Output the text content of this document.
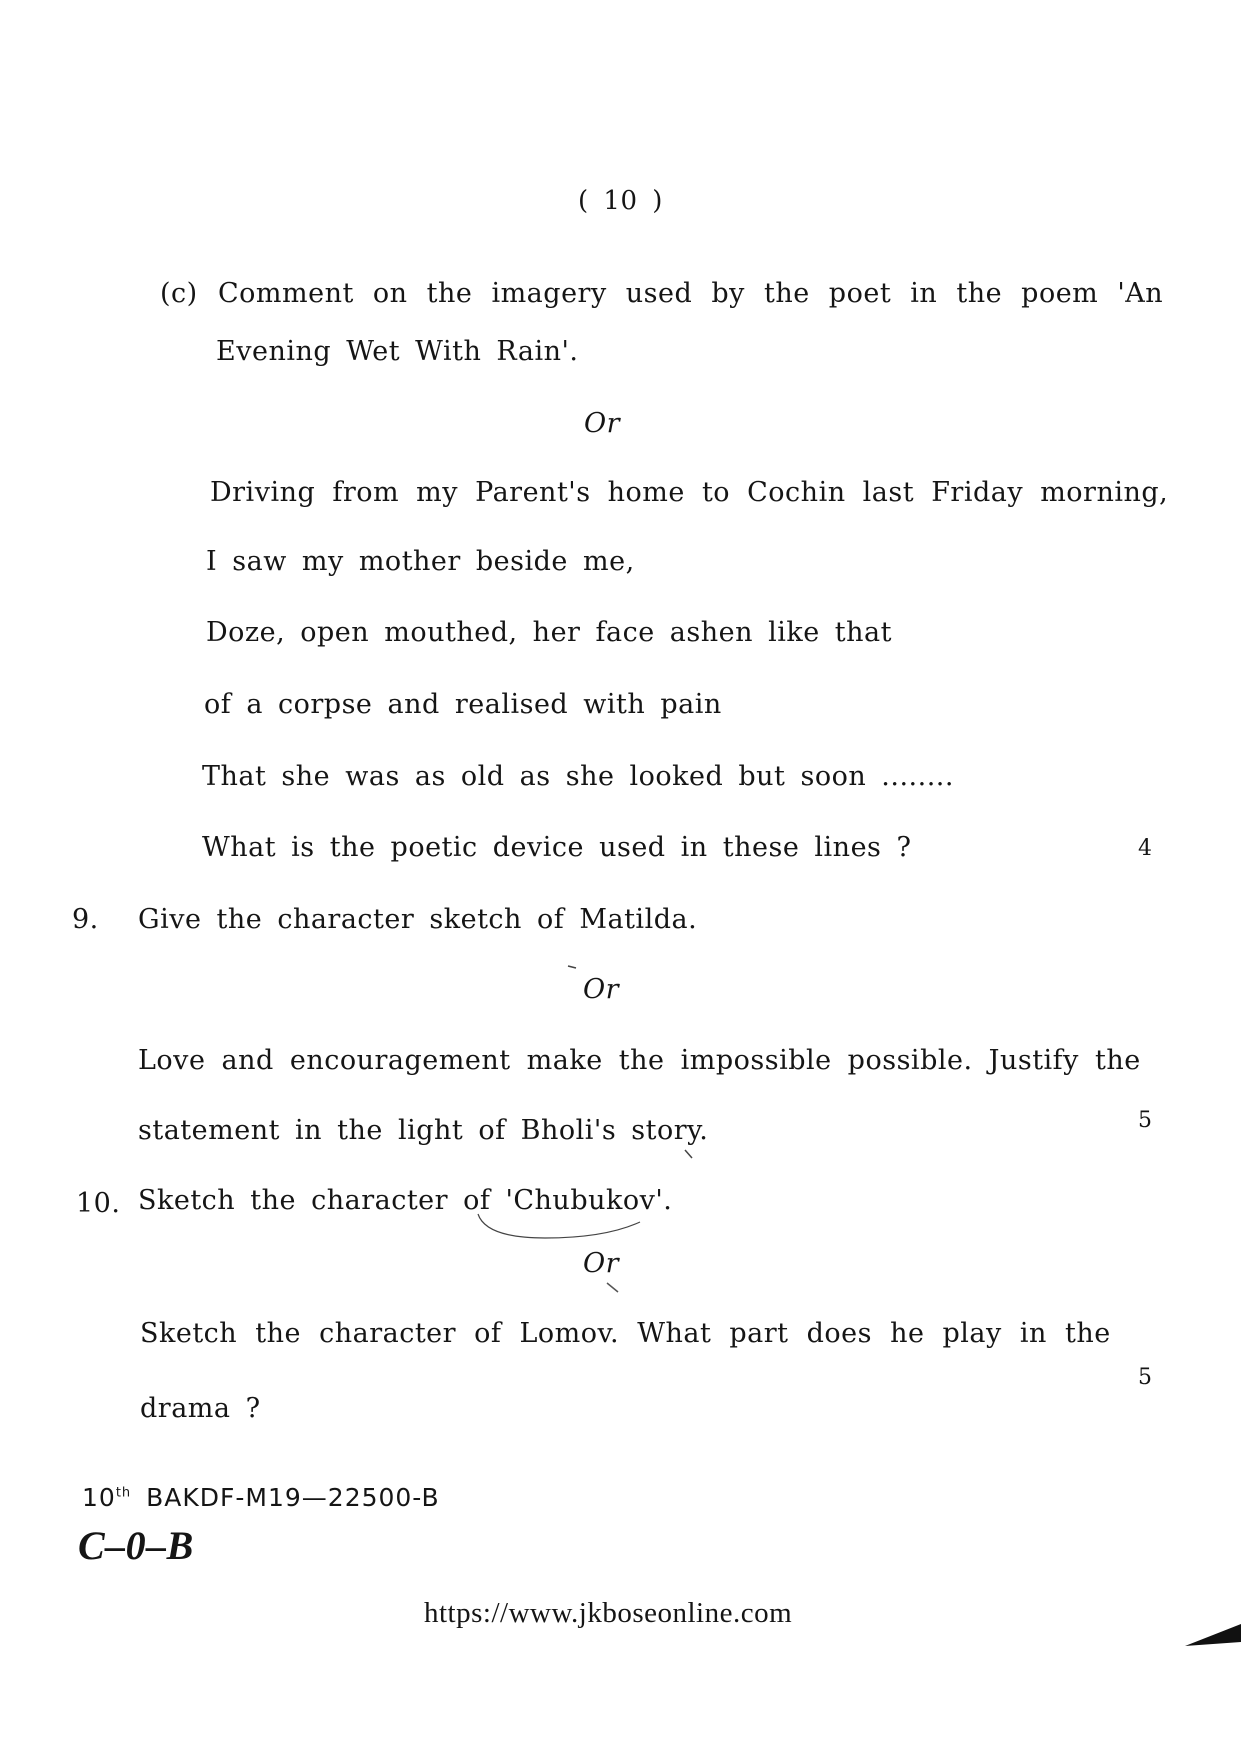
( 10 )
(c) Comment on the imagery used by the poet in the poem 'An
Evening Wet With Rain'.
Or
Driving from my Parent's home to Cochin last Friday morning,
I saw my mother beside me,
Doze, open mouthed, her face ashen like that
of a corpse and realised with pain
That she was as old as she looked but soon ........
What is the poetic device used in these lines ?	4
9. Give the character sketch of Matilda.
Or
Love and encouragement make the impossible possible. Justify the
statement in the light of Bholi's story.	5
10. Sketch the character of 'Chubukov'.
Or
Sketch the character of Lomov. What part does he play in the
drama ?
5
10th BAKDF-M19—22500-B
C–0–B
https://www.jkboseonline.com
